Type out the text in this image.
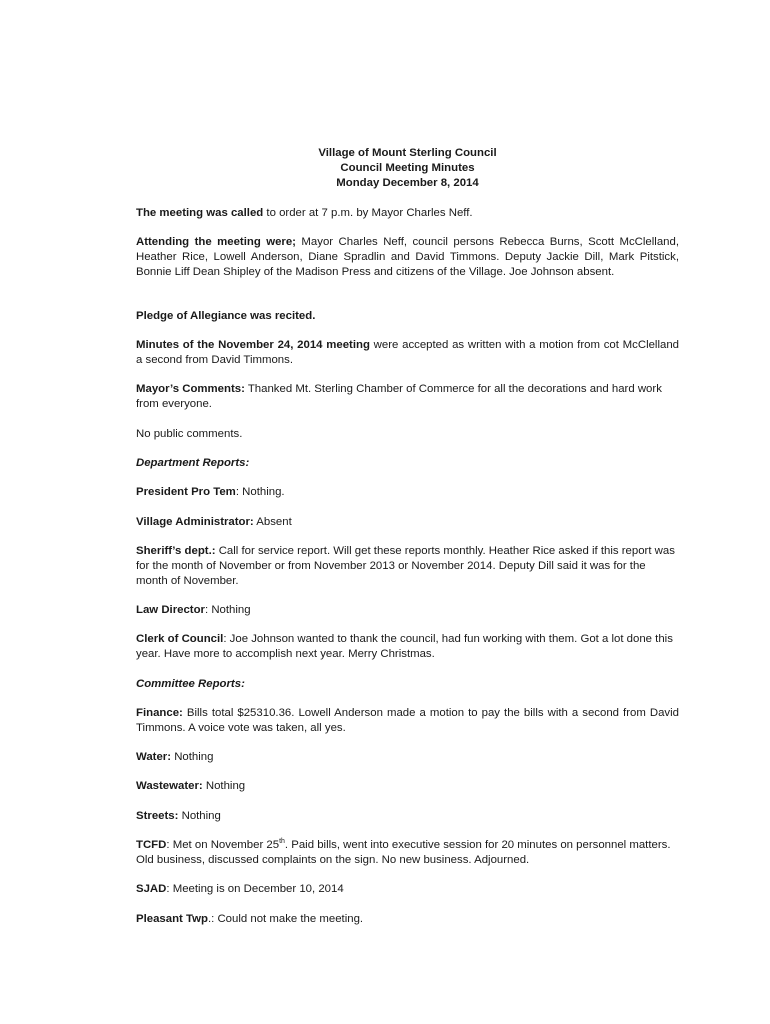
Village of Mount Sterling Council
Council Meeting Minutes
Monday December 8, 2014

The meeting was called to order at 7 p.m. by Mayor Charles Neff.

Attending the meeting were; Mayor Charles Neff, council persons Rebecca Burns, Scott McClelland, Heather Rice, Lowell Anderson, Diane Spradlin and David Timmons. Deputy Jackie Dill, Mark Pitstick, Bonnie Liff Dean Shipley of the Madison Press and citizens of the Village. Joe Johnson absent.

Pledge of Allegiance was recited.

Minutes of the November 24, 2014 meeting were accepted as written with a motion from cot McClelland a second from David Timmons.

Mayor’s Comments: Thanked Mt. Sterling Chamber of Commerce for all the decorations and hard work from everyone.

No public comments.

Department Reports:

President Pro Tem: Nothing.

Village Administrator: Absent

Sheriff’s dept.: Call for service report. Will get these reports monthly. Heather Rice asked if this report was for the month of November or from November 2013 or November 2014. Deputy Dill said it was for the month of November.

Law Director: Nothing

Clerk of Council: Joe Johnson wanted to thank the council, had fun working with them. Got a lot done this year. Have more to accomplish next year. Merry Christmas.

Committee Reports:

Finance: Bills total $25310.36. Lowell Anderson made a motion to pay the bills with a second from David Timmons. A voice vote was taken, all yes.

Water: Nothing

Wastewater: Nothing

Streets: Nothing

TCFD: Met on November 25th. Paid bills, went into executive session for 20 minutes on personnel matters. Old business, discussed complaints on the sign. No new business. Adjourned.

SJAD: Meeting is on December 10, 2014

Pleasant Twp.: Could not make the meeting.
